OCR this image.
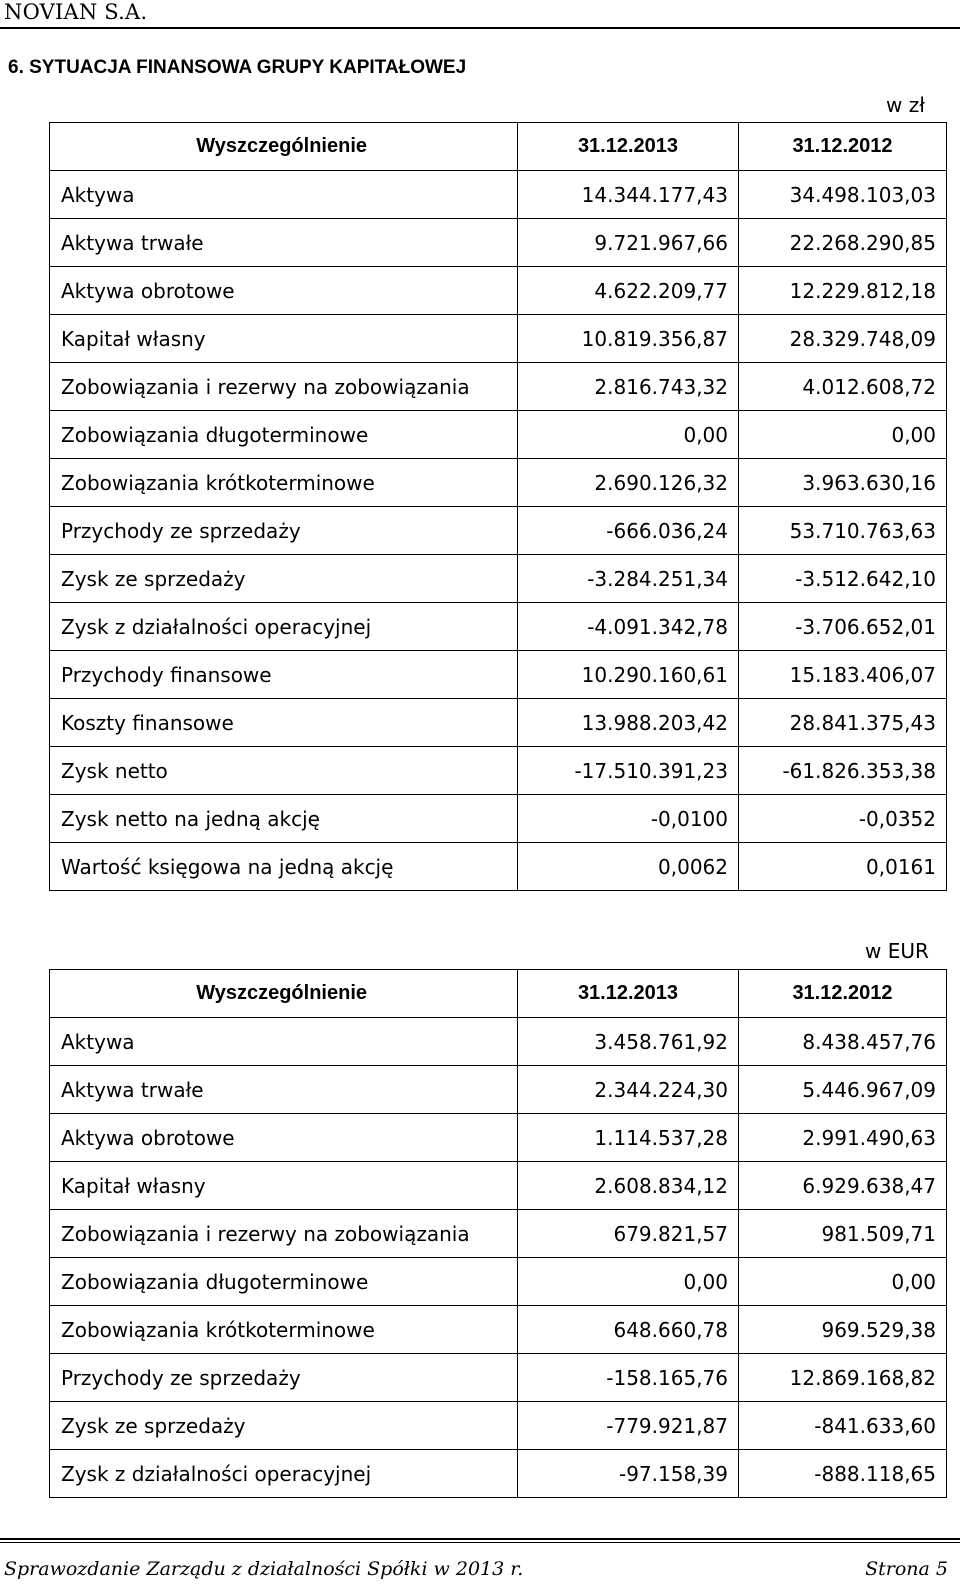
NOVIAN S.A.
6. SYTUACJA FINANSOWA GRUPY KAPITAŁOWEJ
w zł
Wyszczególnienie	31.12.2013	31.12.2012
Aktywa	14.344.177,43	34.498.103,03
Aktywa trwałe	9.721.967,66	22.268.290,85
Aktywa obrotowe	4.622.209,77	12.229.812,18
Kapitał własny	10.819.356,87	28.329.748,09
Zobowiązania i rezerwy na zobowiązania	2.816.743,32	4.012.608,72
Zobowiązania długoterminowe	0,00	0,00
Zobowiązania krótkoterminowe	2.690.126,32	3.963.630,16
Przychody ze sprzedaży	-666.036,24	53.710.763,63
Zysk ze sprzedaży	-3.284.251,34	-3.512.642,10
Zysk z działalności operacyjnej	-4.091.342,78	-3.706.652,01
Przychody finansowe	10.290.160,61	15.183.406,07
Koszty finansowe	13.988.203,42	28.841.375,43
Zysk netto	-17.510.391,23	-61.826.353,38
Zysk netto na jedną akcję	-0,0100	-0,0352
Wartość księgowa na jedną akcję	0,0062	0,0161
w EUR
Wyszczególnienie	31.12.2013	31.12.2012
Aktywa	3.458.761,92	8.438.457,76
Aktywa trwałe	2.344.224,30	5.446.967,09
Aktywa obrotowe	1.114.537,28	2.991.490,63
Kapitał własny	2.608.834,12	6.929.638,47
Zobowiązania i rezerwy na zobowiązania	679.821,57	981.509,71
Zobowiązania długoterminowe	0,00	0,00
Zobowiązania krótkoterminowe	648.660,78	969.529,38
Przychody ze sprzedaży	-158.165,76	12.869.168,82
Zysk ze sprzedaży	-779.921,87	-841.633,60
Zysk z działalności operacyjnej	-97.158,39	-888.118,65
Sprawozdanie Zarządu z działalności Spółki w 2013 r.	Strona 5
